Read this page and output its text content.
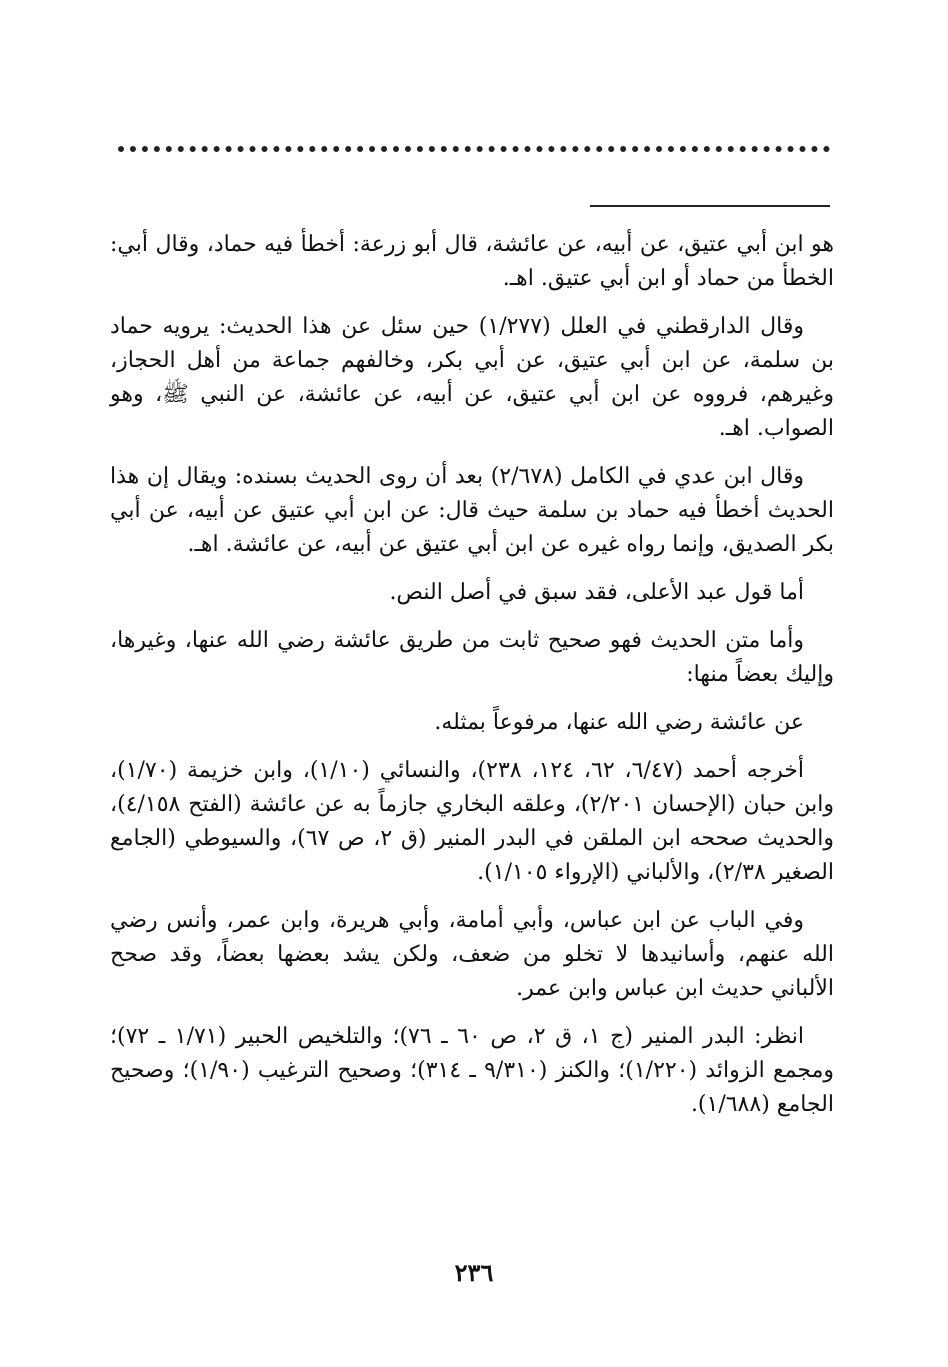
هو ابن أبي عتيق، عن أبيه، عن عائشة، قال أبو زرعة: أخطأ فيه حماد، وقال أبي: الخطأ من حماد أو ابن أبي عتيق. اهـ.

وقال الدارقطني في العلل (١/٢٧٧) حين سئل عن هذا الحديث: يرويه حماد بن سلمة، عن ابن أبي عتيق، عن أبي بكر، وخالفهم جماعة من أهل الحجاز، وغيرهم، فرووه عن ابن أبي عتيق، عن أبيه، عن عائشة، عن النبي ﷺ، وهو الصواب. اهـ.

وقال ابن عدي في الكامل (٢/٦٧٨) بعد أن روى الحديث بسنده: ويقال إن هذا الحديث أخطأ فيه حماد بن سلمة حيث قال: عن ابن أبي عتيق عن أبيه، عن أبي بكر الصديق، وإنما رواه غيره عن ابن أبي عتيق عن أبيه، عن عائشة. اهـ.

أما قول عبد الأعلى، فقد سبق في أصل النص.

وأما متن الحديث فهو صحيح ثابت من طريق عائشة رضي الله عنها، وغيرها، وإليك بعضاً منها:

عن عائشة رضي الله عنها، مرفوعاً بمثله.

أخرجه أحمد (٦/٤٧، ٦٢، ١٢٤، ٢٣٨)، والنسائي (١/١٠)، وابن خزيمة (١/٧٠)، وابن حبان (الإحسان ٢/٢٠١)، وعلقه البخاري جازماً به عن عائشة (الفتح ٤/١٥٨)، والحديث صححه ابن الملقن في البدر المنير (ق ٢، ص ٦٧)، والسيوطي (الجامع الصغير ٢/٣٨)، والألباني (الإرواء ١/١٠٥).

وفي الباب عن ابن عباس، وأبي أمامة، وأبي هريرة، وابن عمر، وأنس رضي الله عنهم، وأسانيدها لا تخلو من ضعف، ولكن يشد بعضها بعضاً، وقد صحح الألباني حديث ابن عباس وابن عمر.

انظر: البدر المنير (ج ١، ق ٢، ص ٦٠ ـ ٧٦)؛ والتلخيص الحبير (١/٧١ ـ ٧٢)؛ ومجمع الزوائد (١/٢٢٠)؛ والكنز (٩/٣١٠ ـ ٣١٤)؛ وصحيح الترغيب (١/٩٠)؛ وصحيح الجامع (١/٦٨٨).

٢٣٦
